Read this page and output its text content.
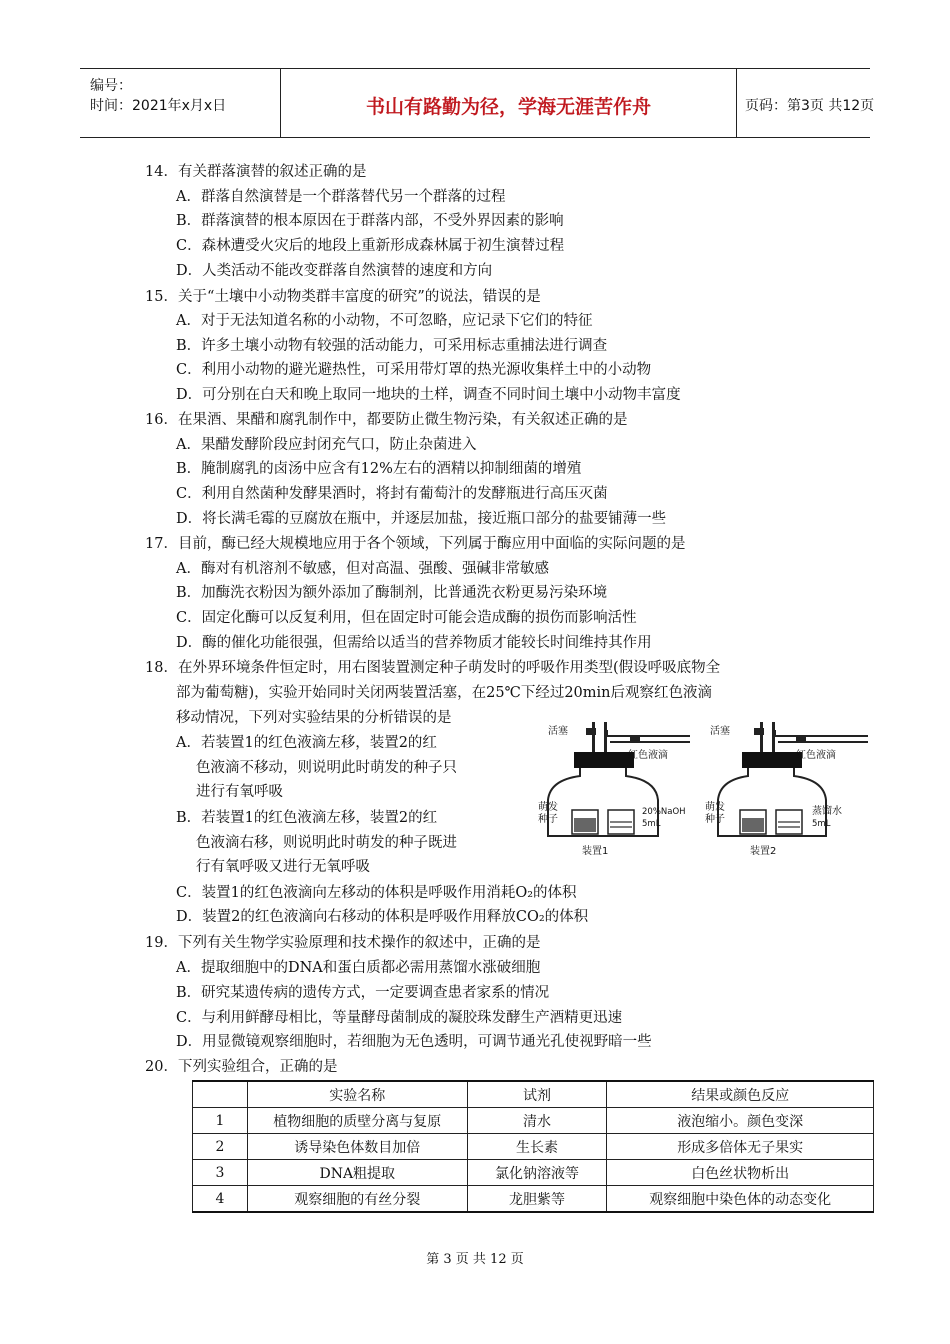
编号：
时间：2021年x月x日	书山有路勤为径，学海无涯苦作舟	页码：第3页 共12页
14．有关群落演替的叙述正确的是
A．群落自然演替是一个群落替代另一个群落的过程
B．群落演替的根本原因在于群落内部，不受外界因素的影响
C．森林遭受火灾后的地段上重新形成森林属于初生演替过程
D．人类活动不能改变群落自然演替的速度和方向
15．关于“土壤中小动物类群丰富度的研究”的说法，错误的是
A．对于无法知道名称的小动物，不可忽略，应记录下它们的特征
B．许多土壤小动物有较强的活动能力，可采用标志重捕法进行调查
C．利用小动物的避光避热性，可采用带灯罩的热光源收集样土中的小动物
D．可分别在白天和晚上取同一地块的土样，调查不同时间土壤中小动物丰富度
16．在果酒、果醋和腐乳制作中，都要防止微生物污染，有关叙述正确的是
A．果醋发酵阶段应封闭充气口，防止杂菌进入
B．腌制腐乳的卤汤中应含有12%左右的酒精以抑制细菌的增殖
C．利用自然菌种发酵果酒时，将封有葡萄汁的发酵瓶进行高压灭菌
D．将长满毛霉的豆腐放在瓶中，并逐层加盐，接近瓶口部分的盐要铺薄一些
17．目前，酶已经大规模地应用于各个领域，下列属于酶应用中面临的实际问题的是
A．酶对有机溶剂不敏感，但对高温、强酸、强碱非常敏感
B．加酶洗衣粉因为额外添加了酶制剂，比普通洗衣粉更易污染环境
C．固定化酶可以反复利用，但在固定时可能会造成酶的损伤而影响活性
D．酶的催化功能很强，但需给以适当的营养物质才能较长时间维持其作用
18．在外界环境条件恒定时，用右图装置测定种子萌发时的呼吸作用类型(假设呼吸底物全
部为葡萄糖)，实验开始同时关闭两装置活塞，在25℃下经过20min后观察红色液滴
移动情况，下列对实验结果的分析错误的是
A．若装置1的红色液滴左移，装置2的红
色液滴不移动，则说明此时萌发的种子只
进行有氧呼吸
B．若装置1的红色液滴左移，装置2的红
色液滴右移，则说明此时萌发的种子既进
行有氧呼吸又进行无氧呼吸
C．装置1的红色液滴向左移动的体积是呼吸作用消耗O₂的体积
D．装置2的红色液滴向右移动的体积是呼吸作用释放CO₂的体积
活塞
红色液滴
萌发
种子
20%NaOH
5mL
装置1
活塞
红色液滴
萌发
种子
蒸馏水
5mL
装置2
19．下列有关生物学实验原理和技术操作的叙述中，正确的是
A．提取细胞中的DNA和蛋白质都必需用蒸馏水涨破细胞
B．研究某遗传病的遗传方式，一定要调查患者家系的情况
C．与利用鲜酵母相比，等量酵母菌制成的凝胶珠发酵生产酒精更迅速
D．用显微镜观察细胞时，若细胞为无色透明，可调节通光孔使视野暗一些
20．下列实验组合，正确的是
	实验名称	试剂	结果或颜色反应
1	植物细胞的质壁分离与复原	清水	液泡缩小。颜色变深
2	诱导染色体数目加倍	生长素	形成多倍体无子果实
3	DNA粗提取	氯化钠溶液等	白色丝状物析出
4	观察细胞的有丝分裂	龙胆紫等	观察细胞中染色体的动态变化
第 3 页 共 12 页
